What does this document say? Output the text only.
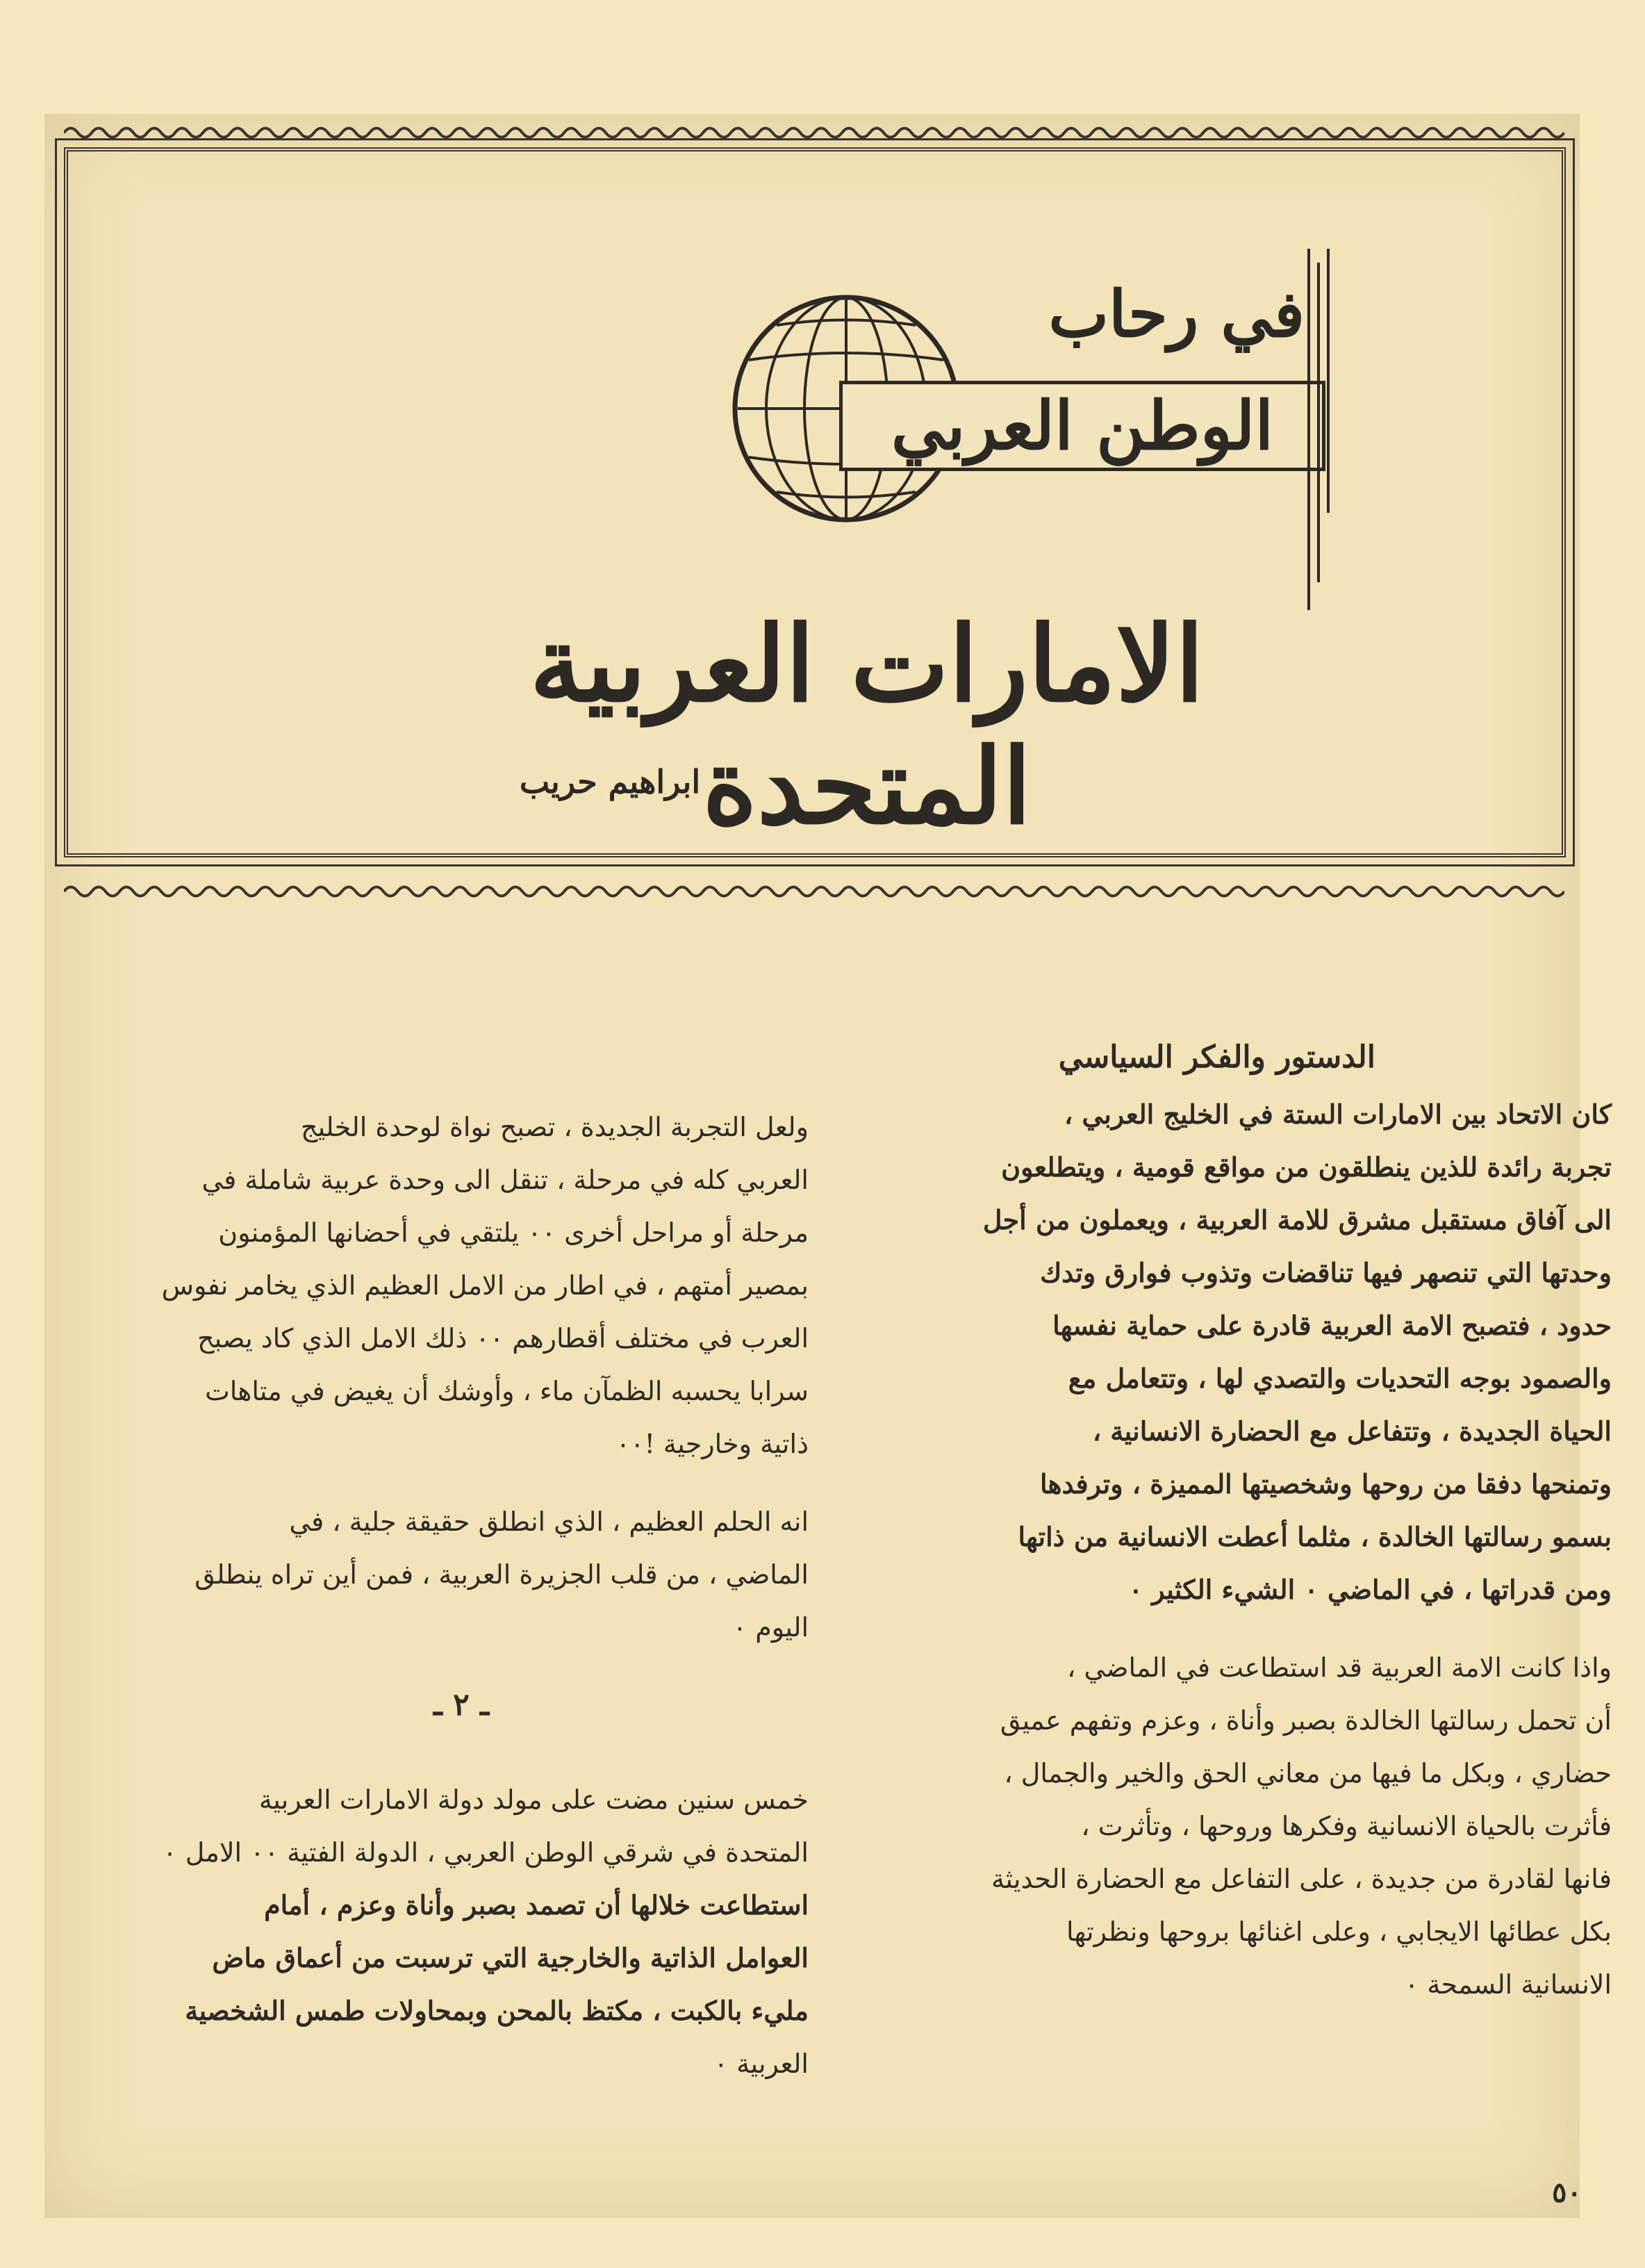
في رحاب
الوطن العربي
الامارات العربية المتحدة
ابراهيم حريب
الدستور والفكر السياسي

كان الاتحاد بين الامارات الستة في الخليج العربي ،
تجربة رائدة للذين ينطلقون من مواقع قومية ، ويتطلعون
الى آفاق مستقبل مشرق للامة العربية ، ويعملون من أجل
وحدتها التي تنصهر فيها تناقضات وتذوب فوارق وتدك
حدود ، فتصبح الامة العربية قادرة على حماية نفسها
والصمود بوجه التحديات والتصدي لها ، وتتعامل مع
الحياة الجديدة ، وتتفاعل مع الحضارة الانسانية ،
وتمنحها دفقا من روحها وشخصيتها المميزة ، وترفدها
بسمو رسالتها الخالدة ، مثلما أعطت الانسانية من ذاتها
ومن قدراتها ، في الماضي ٠ الشيء الكثير ٠

واذا كانت الامة العربية قد استطاعت في الماضي ،
أن تحمل رسالتها الخالدة بصبر وأناة ، وعزم وتفهم عميق
حضاري ، وبكل ما فيها من معاني الحق والخير والجمال ،
فأثرت بالحياة الانسانية وفكرها وروحها ، وتأثرت ،
فانها لقادرة من جديدة ، على التفاعل مع الحضارة الحديثة
بكل عطائها الايجابي ، وعلى اغنائها بروحها ونظرتها
الانسانية السمحة ٠

ولعل التجربة الجديدة ، تصبح نواة لوحدة الخليج
العربي كله في مرحلة ، تنقل الى وحدة عربية شاملة في
مرحلة أو مراحل أخرى ٠٠ يلتقي في أحضانها المؤمنون
بمصير أمتهم ، في اطار من الامل العظيم الذي يخامر نفوس
العرب في مختلف أقطارهم ٠٠ ذلك الامل الذي كاد يصبح
سرابا يحسبه الظمآن ماء ، وأوشك أن يغيض في متاهات
ذاتية وخارجية !٠٠

انه الحلم العظيم ، الذي انطلق حقيقة جلية ، في
الماضي ، من قلب الجزيرة العربية ، فمن أين تراه ينطلق
اليوم ٠

ـ ٢ ـ

خمس سنين مضت على مولد دولة الامارات العربية
المتحدة في شرقي الوطن العربي ، الدولة الفتية ٠٠ الامل ٠
استطاعت خلالها أن تصمد بصبر وأناة وعزم ، أمام
العوامل الذاتية والخارجية التي ترسبت من أعماق ماض
مليء بالكبت ، مكتظ بالمحن وبمحاولات طمس الشخصية
العربية ٠

٥٠
